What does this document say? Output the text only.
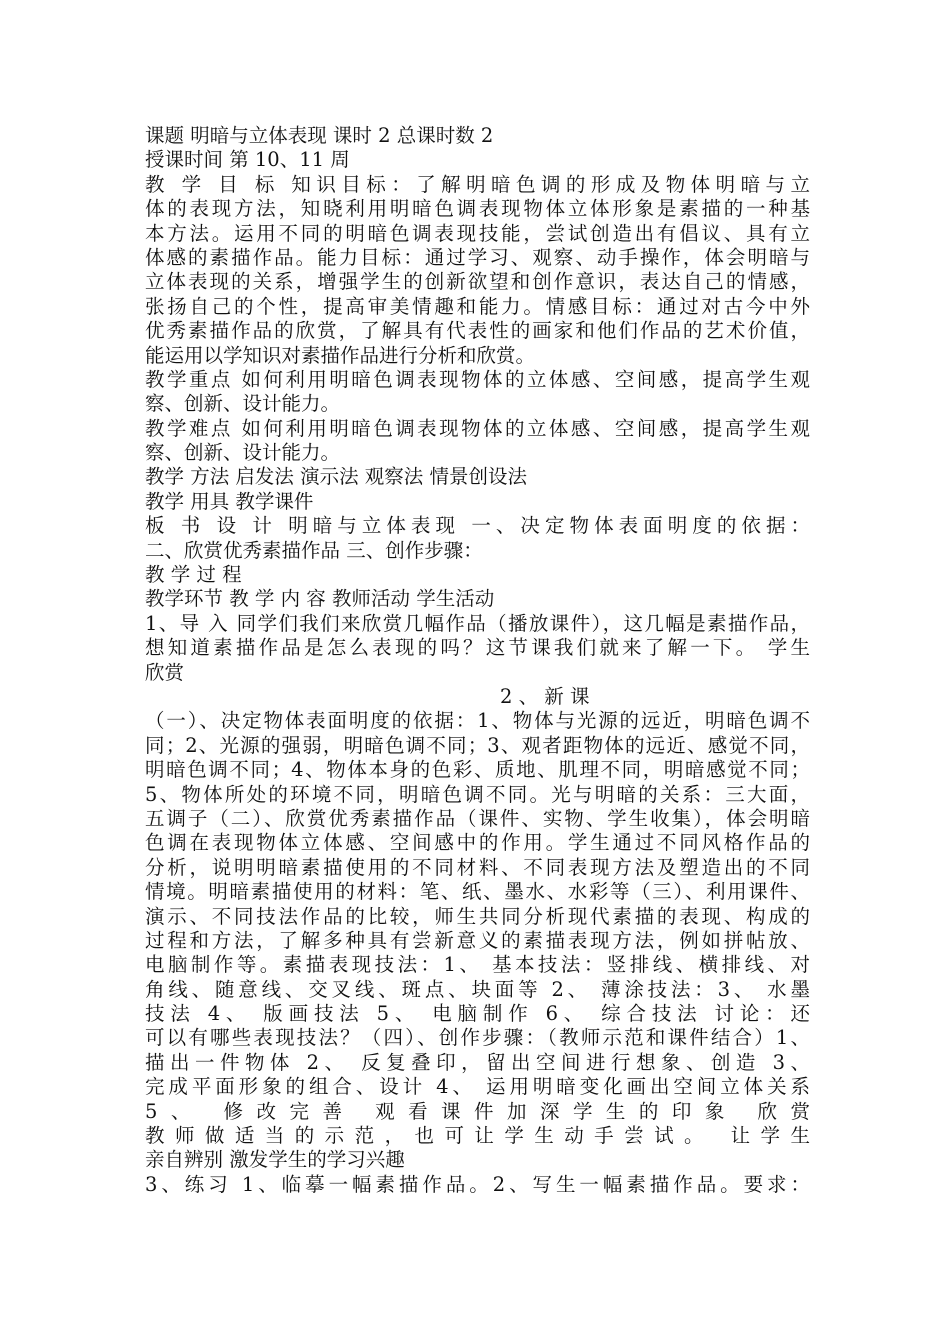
课题 明暗与立体表现 课时 2 总课时数 2
授课时间 第 10、11 周
教 学 目 标 知识目标：了解明暗色调的形成及物体明暗与立
体的表现方法，知晓利用明暗色调表现物体立体形象是素描的一种基
本方法。运用不同的明暗色调表现技能，尝试创造出有倡议、具有立
体感的素描作品。能力目标：通过学习、观察、动手操作，体会明暗与
立体表现的关系，增强学生的创新欲望和创作意识，表达自己的情感，
张扬自己的个性，提高审美情趣和能力。情感目标：通过对古今中外
优秀素描作品的欣赏，了解具有代表性的画家和他们作品的艺术价值，
能运用以学知识对素描作品进行分析和欣赏。
教学重点 如何利用明暗色调表现物体的立体感、空间感，提高学生观
察、创新、设计能力。
教学难点 如何利用明暗色调表现物体的立体感、空间感，提高学生观
察、创新、设计能力。
教学 方法 启发法 演示法 观察法 情景创设法
教学 用具 教学课件
板 书 设 计 明暗与立体表现 一、决定物体表面明度的依据：
二、欣赏优秀素描作品 三、创作步骤：
教 学 过 程
教学环节 教 学 内 容 教师活动 学生活动
1、导 入 同学们我们来欣赏几幅作品（播放课件），这几幅是素描作品，
想知道素描作品是怎么表现的吗？这节课我们就来了解一下。 学生
欣赏
2 、 新 课
（一）、决定物体表面明度的依据：1、物体与光源的远近，明暗色调不
同；2、光源的强弱，明暗色调不同；3、观者距物体的远近、感觉不同，
明暗色调不同；4、物体本身的色彩、质地、肌理不同，明暗感觉不同；
5、物体所处的环境不同，明暗色调不同。光与明暗的关系：三大面，
五调子（二）、欣赏优秀素描作品（课件、实物、学生收集），体会明暗
色调在表现物体立体感、空间感中的作用。学生通过不同风格作品的
分析，说明明暗素描使用的不同材料、不同表现方法及塑造出的不同
情境。明暗素描使用的材料：笔、纸、墨水、水彩等（三）、利用课件、
演示、不同技法作品的比较，师生共同分析现代素描的表现、构成的
过程和方法，了解多种具有尝新意义的素描表现方法，例如拼帖放、
电脑制作等。素描表现技法：1、 基本技法：竖排线、横排线、对
角线、随意线、交叉线、斑点、块面等 2、 薄涂技法：3、 水墨
技法 4、 版画技法 5、 电脑制作 6、 综合技法 讨论：还
可以有哪些表现技法？（四）、创作步骤：（教师示范和课件结合）1、
描出一件物体 2、 反复叠印，留出空间进行想象、创造 3、
完成平面形象的组合、设计 4、 运用明暗变化画出空间立体关系
5、 修改完善 观看课件加深学生的印象 欣赏
教师做适当的示范，也可让学生动手尝试。 让学生
亲自辨别 激发学生的学习兴趣
3、练习 1、临摹一幅素描作品。2、写生一幅素描作品。要求：
